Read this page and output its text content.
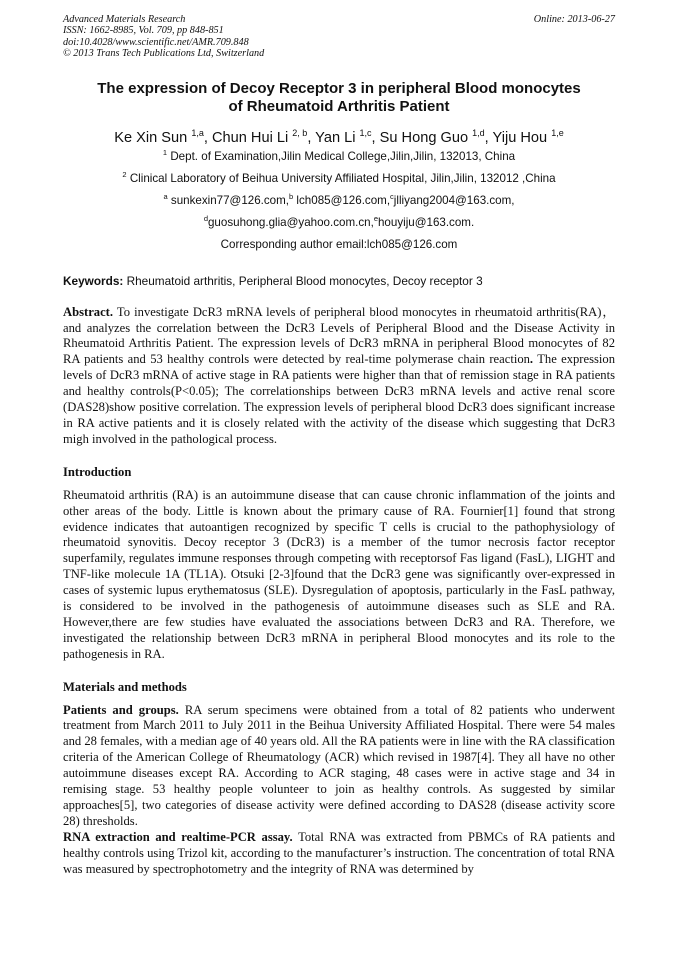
Advanced Materials Research
ISSN: 1662-8985, Vol. 709, pp 848-851
doi:10.4028/www.scientific.net/AMR.709.848
© 2013 Trans Tech Publications Ltd, Switzerland
Online: 2013-06-27
The expression of Decoy Receptor 3 in peripheral Blood monocytes
of Rheumatoid Arthritis Patient
Ke Xin Sun $^{1,a}$, Chun Hui Li $^{2, b}$, Yan Li $^{1,c}$, Su Hong Guo $^{1,d}$, Yiju Hou $^{1,e}$
$^1$ Dept. of Examination,Jilin Medical College,Jilin,Jilin, 132013, China
$^2$ Clinical Laboratory of Beihua University Affiliated Hospital, Jilin,Jilin, 132012 ,China
$^a$ sunkexin77@126.com,$^b$ lch085@126.com,$^c$jlliyang2004@163.com,
$^d$guosuhong.glia@yahoo.com.cn,$^e$houyiju@163.com.
Corresponding author email:lch085@126.com
Keywords: Rheumatoid arthritis, Peripheral Blood monocytes, Decoy receptor 3

Abstract. To investigate DcR3 mRNA levels of peripheral blood monocytes in rheumatoid arthritis(RA)， and analyzes the correlation between the DcR3 Levels of Peripheral Blood and the Disease Activity in Rheumatoid Arthritis Patient. The expression levels of DcR3 mRNA in peripheral Blood monocytes of 82 RA patients and 53 healthy controls were detected by real-time polymerase chain reaction. The expression levels of DcR3 mRNA of active stage in RA patients were higher than that of remission stage in RA patients and healthy controls(P<0.05); The correlationships between DcR3 mRNA levels and active renal score (DAS28)show positive correlation. The expression levels of peripheral blood DcR3 does significant increase in RA active patients and it is closely related with the activity of the disease which suggesting that DcR3 migh involved in the pathological process.

Introduction

Rheumatoid arthritis (RA) is an autoimmune disease that can cause chronic inflammation of the joints and other areas of the body. Little is known about the primary cause of RA. Fournier[1] found that strong evidence indicates that autoantigen recognized by specific T cells is crucial to the pathophysiology of rheumatoid synovitis. Decoy receptor 3 (DcR3) is a member of the tumor necrosis factor receptor superfamily, regulates immune responses through competing with receptorsof Fas ligand (FasL), LIGHT and TNF-like molecule 1A (TL1A). Otsuki [2-3]found that the DcR3 gene was significantly over-expressed in cases of systemic lupus erythematosus (SLE). Dysregulation of apoptosis, particularly in the FasL pathway, is considered to be involved in the pathogenesis of autoimmune diseases such as SLE and RA. However,there are few studies have evaluated the associations between DcR3 and RA. Therefore, we investigated the relationship between DcR3 mRNA in peripheral Blood monocytes and its role to the pathogenesis in RA.

Materials and methods

Patients and groups. RA serum specimens were obtained from a total of 82 patients who underwent treatment from March 2011 to July 2011 in the Beihua University Affiliated Hospital. There were 54 males and 28 females, with a median age of 40 years old. All the RA patients were in line with the RA classification criteria of the American College of Rheumatology (ACR) which revised in 1987[4]. They all have no other autoimmune diseases except RA. According to ACR staging, 48 cases were in active stage and 34 in remising stage. 53 healthy people volunteer to join as healthy controls. As suggested by similar approaches[5], two categories of disease activity were defined according to DAS28 (disease activity score 28) thresholds.

RNA extraction and realtime-PCR assay. Total RNA was extracted from PBMCs of RA patients and healthy controls using Trizol kit, according to the manufacturer’s instruction. The concentration of total RNA was measured by spectrophotometry and the integrity of RNA was determined by
